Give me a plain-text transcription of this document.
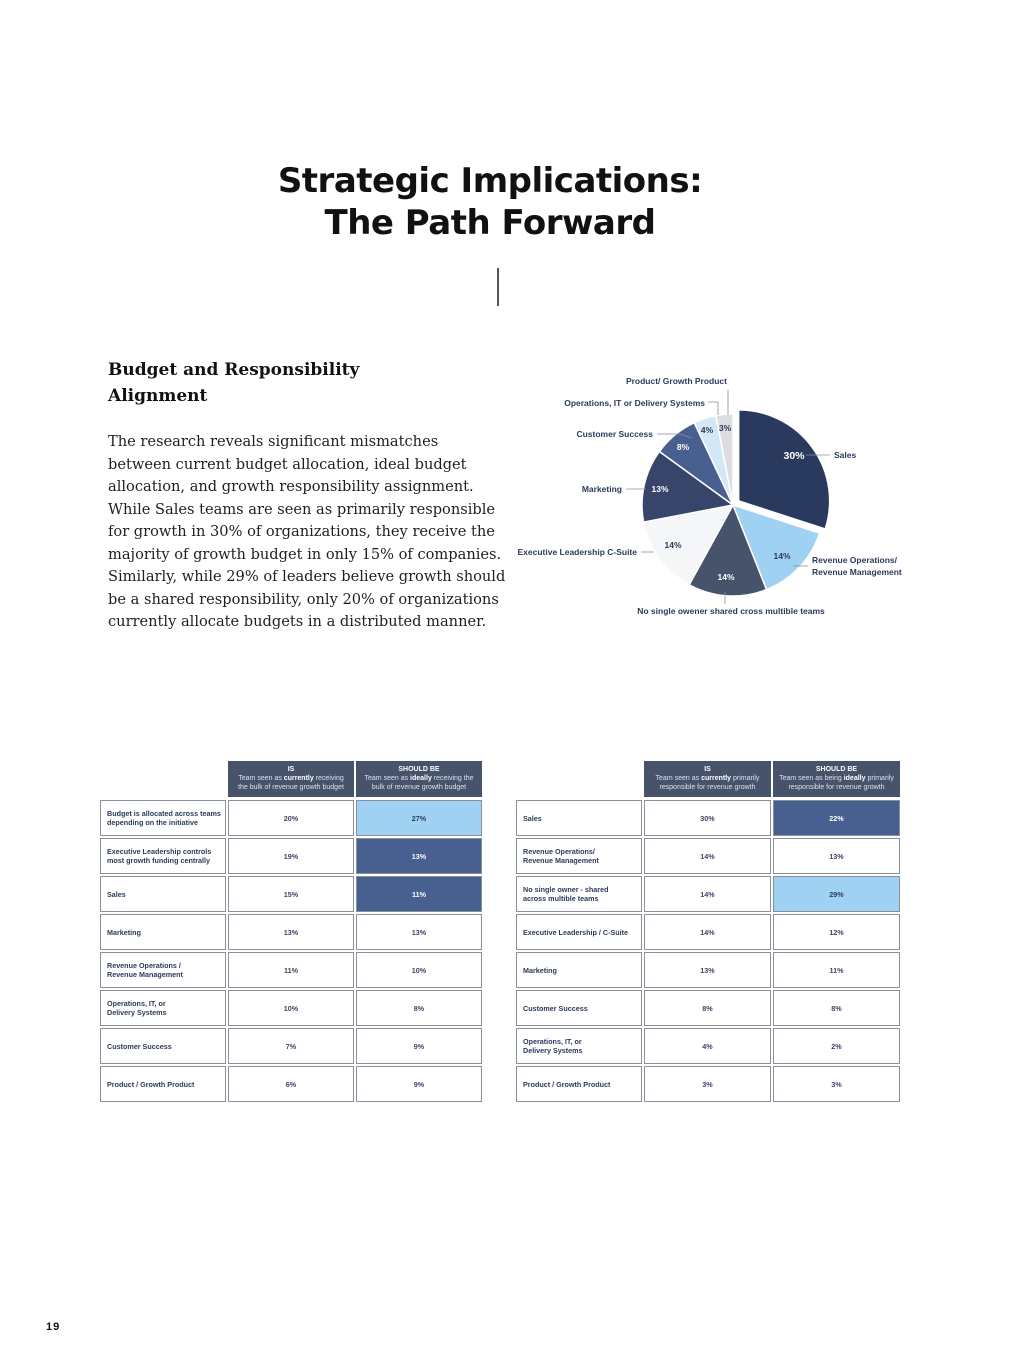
Strategic Implications:
The Path Forward
Budget and Responsibility
Alignment
The research reveals significant mismatches
between current budget allocation, ideal budget
allocation, and growth responsibility assignment.
While Sales teams are seen as primarily responsible
for growth in 30% of organizations, they receive the
majority of growth budget in only 15% of companies.
Similarly, while 29% of leaders believe growth should
be a shared responsibility, only 20% of organizations
currently allocate budgets in a distributed manner.
30%	Sales
14%	Revenue Operations/
Revenue Management
14%
No single owener shared cross multible teams
14%
Executive Leadership C-Suite
13%
Marketing
8%
Customer Success	4%
Operations, IT or Delivery Systems
3%
Product/ Growth Product
IS
Team seen as currently receiving
the bulk of revenue growth budget
SHOULD BE
Team seen as ideally receiving the
bulk of revenue growth budget
Budget is allocated across teams
depending on the initiative	20%	27%
Executive Leadership controls
most growth funding centrally	19%	13%
Sales	15%	11%
Marketing	13%	13%
Revenue Operations /
Revenue Management	11%	10%
Operations, IT, or
Delivery Systems	10%	8%
Customer Success	7%	9%
Product / Growth Product	6%	9%
IS
Team seen as currently primarily
responsible for revenue growth
SHOULD BE
Team seen as being ideally primarily
responsible for revenue growth
Sales	30%	22%
Revenue Operations/
Revenue Management	14%	13%
No single owner - shared
across multible teams	14%	29%
Executive Leadership / C-Suite	14%	12%
Marketing	13%	11%
Customer Success	8%	8%
Operations, IT, or
Delivery Systems	4%	2%
Product / Growth Product	3%	3%
19
